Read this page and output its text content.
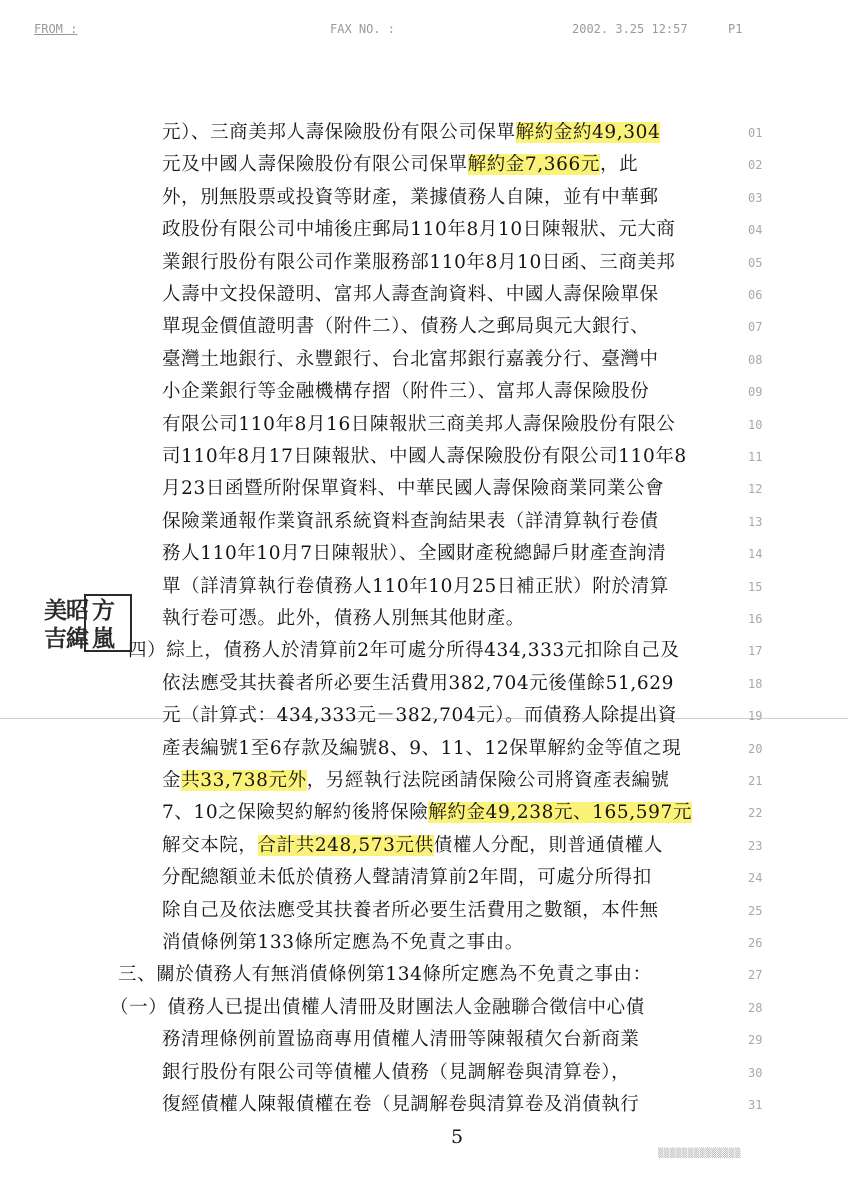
FROM :	FAX NO. :	2002. 3.25 12:57	P1
元）、三商美邦人壽保險股份有限公司保單解約金約49,304	01
元及中國人壽保險股份有限公司保單解約金7,366元，此	02
外，別無股票或投資等財產，業據債務人自陳，並有中華郵	03
政股份有限公司中埔後庄郵局110年8月10日陳報狀、元大商	04
業銀行股份有限公司作業服務部110年8月10日函、三商美邦	05
人壽中文投保證明、富邦人壽查詢資料、中國人壽保險單保	06
單現金價值證明書（附件二）、債務人之郵局與元大銀行、	07
臺灣土地銀行、永豐銀行、台北富邦銀行嘉義分行、臺灣中	08
小企業銀行等金融機構存摺（附件三）、富邦人壽保險股份	09
有限公司110年8月16日陳報狀三商美邦人壽保險股份有限公	10
司110年8月17日陳報狀、中國人壽保險股份有限公司110年8	11
月23日函暨所附保單資料、中華民國人壽保險商業同業公會	12
保險業通報作業資訊系統資料查詢結果表（詳清算執行卷債	13
務人110年10月7日陳報狀）、全國財產稅總歸戶財產查詢清	14
單（詳清算執行卷債務人110年10月25日補正狀）附於清算	15
執行卷可憑。此外，債務人別無其他財產。	16
四）綜上，債務人於清算前2年可處分所得434,333元扣除自己及	17
依法應受其扶養者所必要生活費用382,704元後僅餘51,629	18
元（計算式：434,333元－382,704元）。而債務人除提出資	19
產表編號1至6存款及編號8、9、11、12保單解約金等值之現	20
金共33,738元外，另經執行法院函請保險公司將資產表編號	21
7、10之保險契約解約後將保險解約金49,238元、165,597元	22
解交本院，合計共248,573元供債權人分配，則普通債權人	23
分配總額並未低於債務人聲請清算前2年間，可處分所得扣	24
除自己及依法應受其扶養者所必要生活費用之數額，本件無	25
消債條例第133條所定應為不免責之事由。	26
三、關於債務人有無消債條例第134條所定應為不免責之事由：	27
（一）債務人已提出債權人清冊及財團法人金融聯合徵信中心債	28
務清理條例前置協商專用債權人清冊等陳報積欠台新商業	29
銀行股份有限公司等債權人債務（見調解卷與清算卷），	30
復經債權人陳報債權在卷（見調解卷與清算卷及消債執行	31
美
吉
昭
緯
方
嵐
5
▒▒▒▒▒▒▒▒▒▒▒▒▒▒
